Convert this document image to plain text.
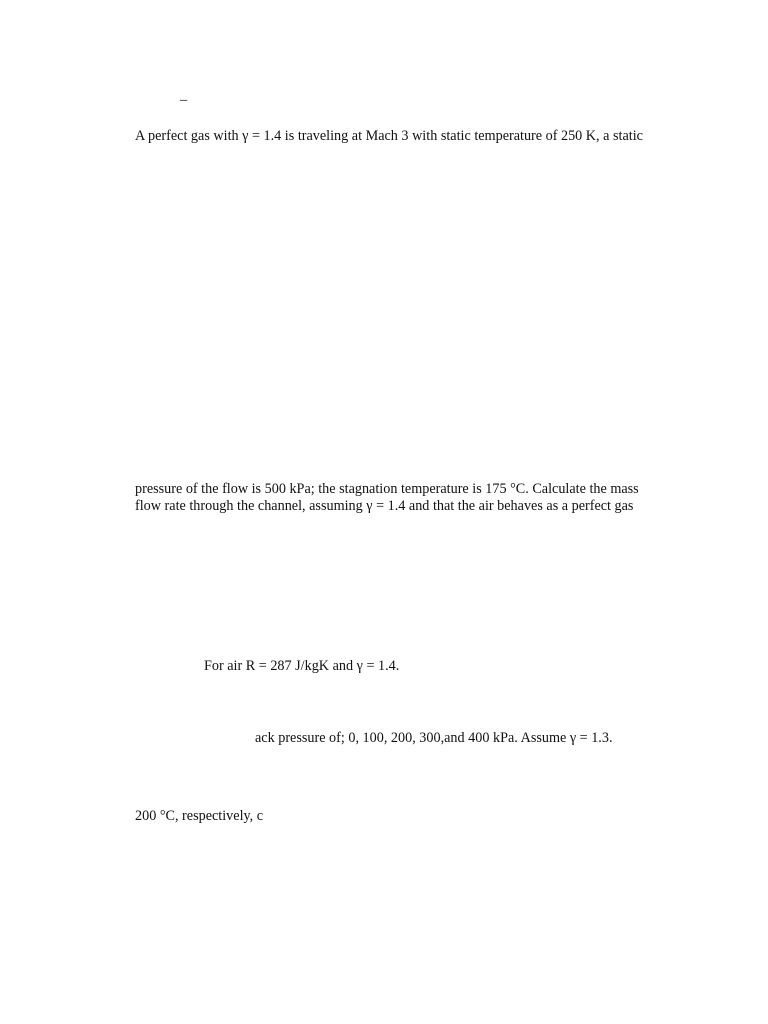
–

A perfect gas with γ = 1.4 is traveling at Mach 3 with static temperature of 250 K, a static

pressure of the flow is 500 kPa; the stagnation temperature is 175 °C. Calculate the mass

flow rate through the channel, assuming γ = 1.4 and that the air behaves as a perfect gas

For air R = 287 J/kgK and γ = 1.4.

ack pressure of; 0, 100, 200, 300,and 400 kPa. Assume γ = 1.3.

200 °C, respectively, c
